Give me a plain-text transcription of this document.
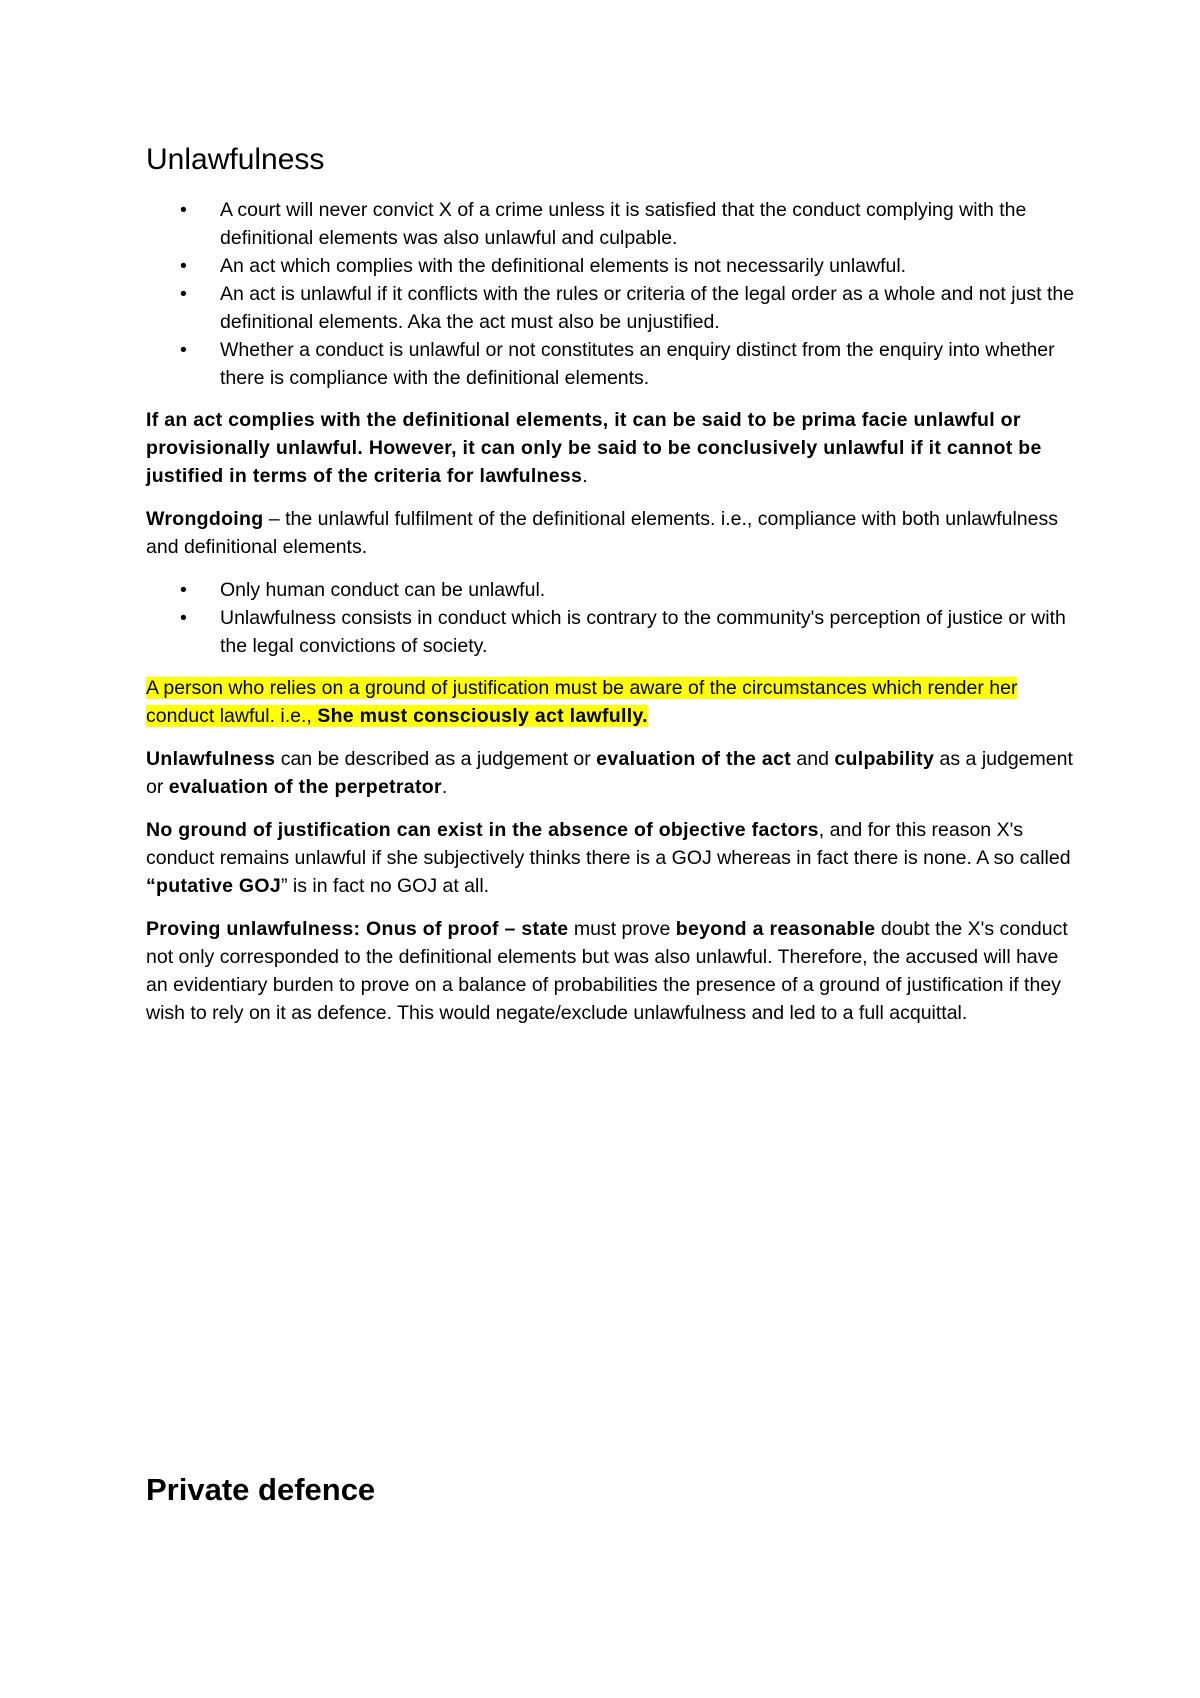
Unlawfulness
• A court will never convict X of a crime unless it is satisfied that the conduct complying with the definitional elements was also unlawful and culpable.
• An act which complies with the definitional elements is not necessarily unlawful.
• An act is unlawful if it conflicts with the rules or criteria of the legal order as a whole and not just the definitional elements. Aka the act must also be unjustified.
• Whether a conduct is unlawful or not constitutes an enquiry distinct from the enquiry into whether there is compliance with the definitional elements.

If an act complies with the definitional elements, it can be said to be prima facie unlawful or provisionally unlawful. However, it can only be said to be conclusively unlawful if it cannot be justified in terms of the criteria for lawfulness.

Wrongdoing – the unlawful fulfilment of the definitional elements. i.e., compliance with both unlawfulness and definitional elements.

• Only human conduct can be unlawful.
• Unlawfulness consists in conduct which is contrary to the community's perception of justice or with the legal convictions of society.

A person who relies on a ground of justification must be aware of the circumstances which render her conduct lawful. i.e., She must consciously act lawfully.

Unlawfulness can be described as a judgement or evaluation of the act and culpability as a judgement or evaluation of the perpetrator.

No ground of justification can exist in the absence of objective factors, and for this reason X's conduct remains unlawful if she subjectively thinks there is a GOJ whereas in fact there is none. A so called “putative GOJ” is in fact no GOJ at all.

Proving unlawfulness: Onus of proof – state must prove beyond a reasonable doubt the X's conduct not only corresponded to the definitional elements but was also unlawful. Therefore, the accused will have an evidentiary burden to prove on a balance of probabilities the presence of a ground of justification if they wish to rely on it as defence. This would negate/exclude unlawfulness and led to a full acquittal.

Private defence
